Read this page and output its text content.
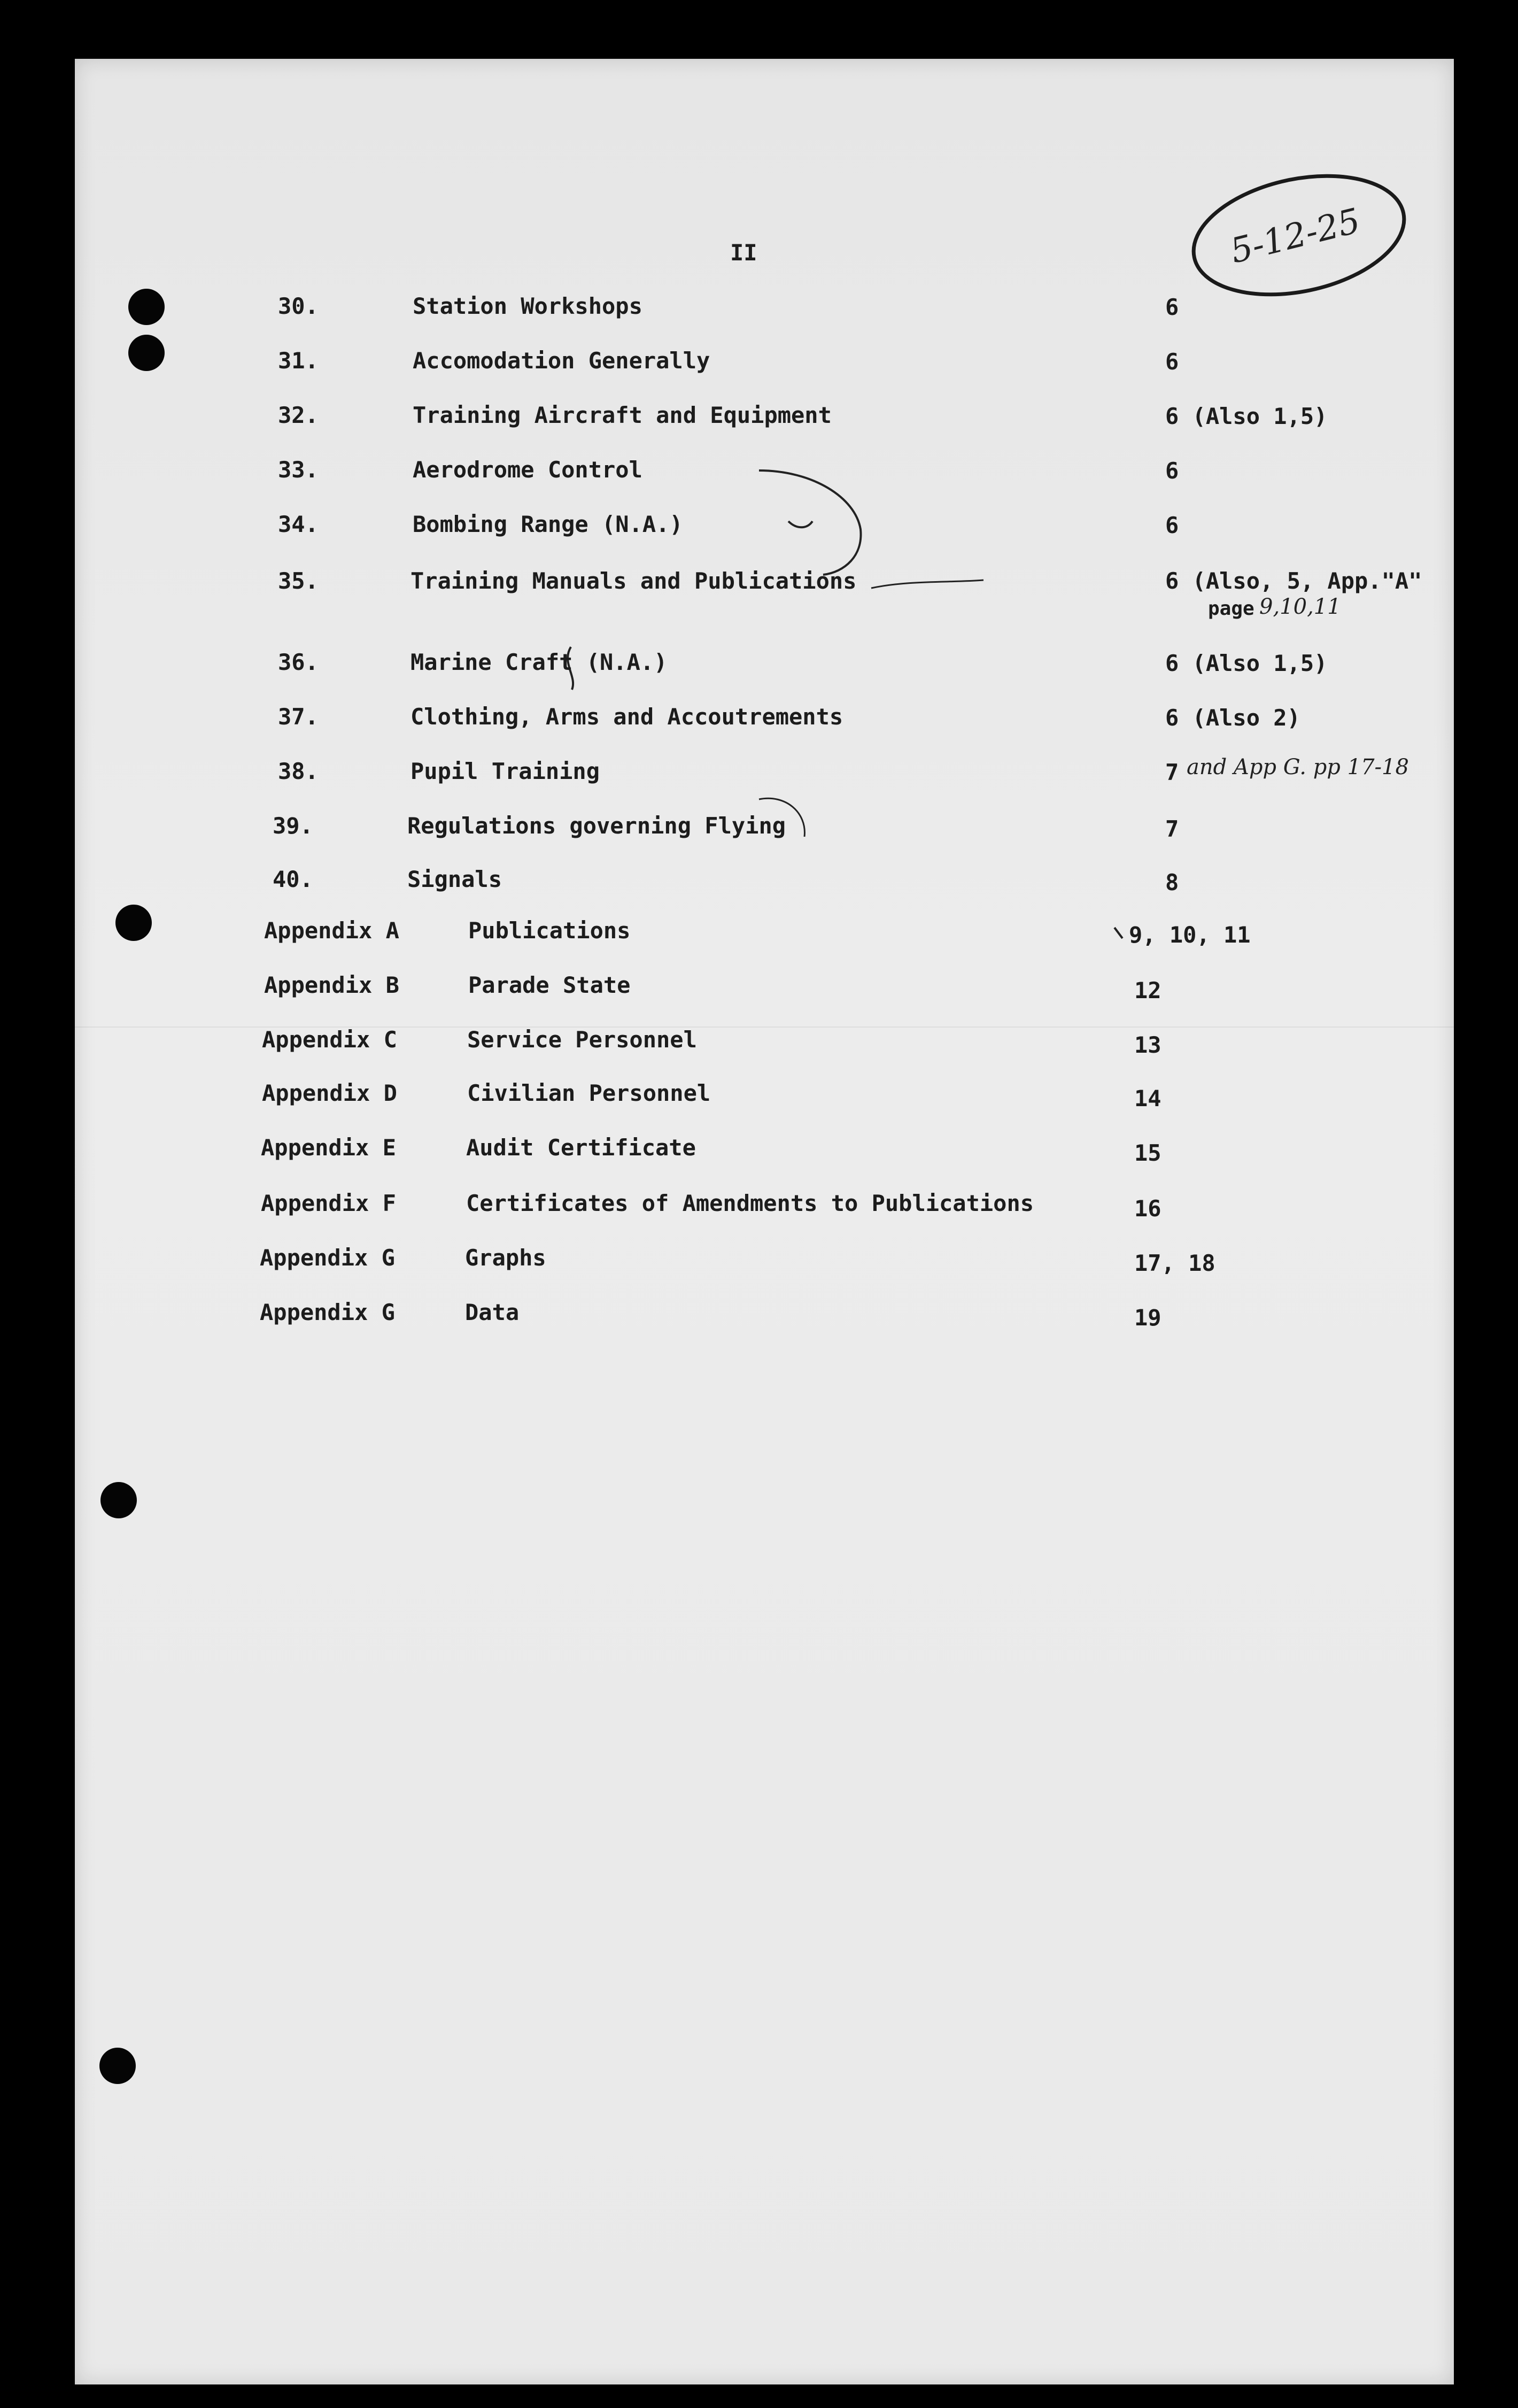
II	5-12-25
30.	Station Workshops	6
31.	Accomodation Generally	6
32.	Training Aircraft and Equipment	6 (Also 1,5)
33.	Aerodrome Control	6
34.	Bombing Range (N.A.)	6
35.	Training Manuals and Publications	6 (Also, 5, App."A"
page 9,10,11
36.	Marine Craft (N.A.)	6 (Also 1,5)
37.	Clothing, Arms and Accoutrements	6 (Also 2)
38.	Pupil Training	7 and App G. pp 17-18
39.	Regulations governing Flying	7
40.	Signals	8
Appendix A	Publications	9, 10, 11
Appendix B	Parade State	12
Appendix C	Service Personnel	13
Appendix D	Civilian Personnel	14
Appendix E	Audit Certificate	15
Appendix F	Certificates of Amendments to Publications	16
Appendix G	Graphs	17, 18
Appendix G	Data	19
